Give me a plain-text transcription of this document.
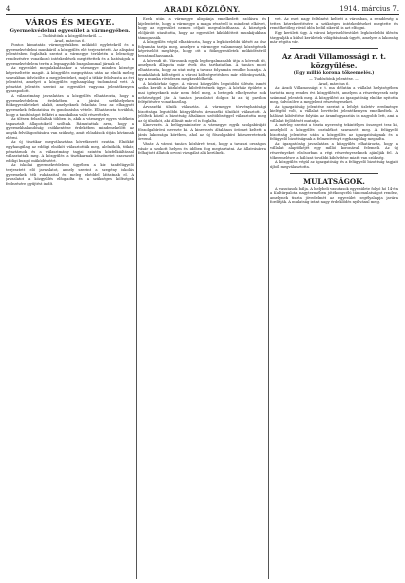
4	ARADI KÖZLÖNY.	1914. március 7.
VÁROS ÉS MEGYE.
Gyermekvédelmi egyesület a vármegyében.
— Tudósítónk a közgyűlésekről. —
Arad, március 6.

Pontos kimutatás vármegyénkben működő egyletekről és a gyermekvédelmi munkáról a közgyűlés elé terjesztetett. Az alispáni jelentésben foglaltak szerint a vármegye területén a lelencügy rendezésére vonatkozó intézkedések megtétettek és a hatóságok a gyermekvédelem terén a legnagyobb buzgalommal járnak el.

Az egyesület megalakulásakor a vármegye minden községe képviseltette magát. A közgyűlés megnyitása után az elnök meleg szavakban üdvözölte a megjelenteket, majd a titkár felolvasta az évi jelentést, amelyet a közgyűlés egyhangúlag tudomásul vett. A pénztári jelentés szerint az egyesület vagyona jelentékenyen gyarapodott.

A választmány javaslatára a közgyűlés elhatározta, hogy a gyermekvédelem érdekében a járási székhelyeken fiókegyesületeket alakít, amelyeknek feladata lesz az elhagyott gyermekek felkutatása és gondozásba vétele. Elhatározta továbbá, hogy a tanítóságot felkéri a munkában való részvételre.

Az ülésen felszólaltak többen is, akik a vármegye egyes vidékein tapasztalt állapotokról szóltak. Rámutattak arra, hogy a gyermekhalandóság csökkentése érdekében mindenekelőtt az anyák felvilágosítására van szükség, amit előadások útján kívánnak elérni.

Az új tisztikar megválasztása következett ezután. Elnökké egyhangúlag az eddigi elnököt választották meg, alelnökök, titkár, pénztárnok és a választmány tagjai szintén közfelkiáltással választattak meg. A közgyűlés a tisztikarnak köszönetet szavazott eddigi buzgó működéséért.

Az iskolai gyermekvédelem ügyében a kir. tanfelügyelő terjesztett elő javaslatot, amely szerint a szegény iskolás gyermekek téli ruházattal és meleg ebéddel láttatnak el. A javaslatot a közgyűlés elfogadta és a szükséges költségek fedezésére gyűjtést indít.

Ezek után a vármegye alispánja emelkedett szólásra és kijelentette, hogy a vármegye a maga részéről is mindent elkövet, hogy az egyesület nemes céljait megvalósíthassa. A községek elöljáróit utasította, hogy az egyesület kiküldötteit munkájukban támogassák.

A közgyűlés végül elhatározta, hogy a legközelebbi ülését az ősz folyamán tartja meg, amelyre a vármegye valamennyi községének képviselőit meghívja, hogy ott a fiókegyesületek működéséről beszámolhassanak.

A kövesdi út. Városunk egyik legforgalmasabb útja a kövesdi út, amelynek állapota már évek óta tarthatatlan. A tanács most elhatározta, hogy az utat még a tavasz folyamán rendbe hozatja. A munkálatok költségeit a városi költségvetésben már előirányozták, így a munka rövidesen megkezdődhetik.

A közkórház ügye. A városi közgyűlés legutóbbi ülésén ismét szóba került a közkórház kibővítésének ügye. A kórház épülete a mai igényeknek már nem felel meg, a betegek elhelyezése sok nehézséggel jár. A tanács javaslatot dolgoz ki az új pavilon felépítésére vonatkozólag.

Árvaszéki ülnök választás. A vármegye törvényhatósági bizottsága legutóbbi közgyűlésén árvaszéki ülnököt választott. A jelöltek közül a bizottság általános szótöbbséggel választotta meg az új ülnököt, aki állását már el is foglalta.

Kinevezés. A belügyminiszter a vármegye egyik szolgabíráját főszolgabíróvá nevezte ki. A kinevezés általános örömet keltett a járás lakossága körében, ahol az új főszolgabíró közszeretetnek örvend.

Vásár. A városi tanács közhírré teszi, hogy a tavaszi országos vásár a szokott helyen és időben fog megtartatni. Az állatvásárra felhajtott állatok orvosi vizsgálat alá kerülnek.

vet. Az eset nagy feltűnést keltett a városban, a rendőrség a tettes kézrekerítésére a szükséges intézkedéseket megtette és remélhetőleg rövid időn belül sikerül is azt elfogni.

Egy kerületi ügy. A városi képviselőtestület legközelebbi ülésén tárgyalják a külső kerületek világításának ügyét, amelyre a lakosság már régóta vár.

Az Aradi Villamossági r. t. közgyűlése.
(Egy millió korona tőkeemelés.)
— Tudósítónk jelentése. —
Arad, március 6.

Az Aradi Villamossági r. t. ma délután a vállalat helyiségében tartotta meg rendes évi közgyűlését, amelyen a részvényesek szép számmal jelentek meg. A közgyűlést az igazgatóság elnöke nyitotta meg, üdvözölve a megjelent részvényeseket.

Az igazgatóság jelentése szerint a lefolyt üzletév eredménye kielégítő volt, a vállalat bevételei jelentékenyen emelkedtek. A hálózat kibővítése folytán az áramfogyasztás is nagyobb lett, ami a vállalat fejlődését mutatja.

A mérleg szerint a tiszta nyereség tekintélyes összeget tesz ki, amelyből a közgyűlés osztalékot szavazott meg. A felügyelő bizottság jelentése után a közgyűlés az igazgatóságnak és a felügyelő bizottságnak a felmentvényt egyhangúlag megadta.

Az igazgatóság javaslatára a közgyűlés elhatározta, hogy a vállalat alaptőkéjét egy millió koronával felemeli. Az új részvényeket elsősorban a régi részvényeseknek ajánlják fel. A tőkeemelésre a hálózat további kibővítése miatt van szükség.

A közgyűlés végül az igazgatóság és a felügyelő bizottság tagjait újból megválasztotta.

MULATSÁGOK.

A vasutasok bálja. A helybeli vasutasok egyesülete folyó hó 14-én a Kultúrpalota nagytermében jótékonycélú táncmulatságot rendez, amelynek tiszta jövedelmét az egyesület segélyalapja javára fordítják. A mulatság iránt nagy érdeklődés nyilvánul meg.
